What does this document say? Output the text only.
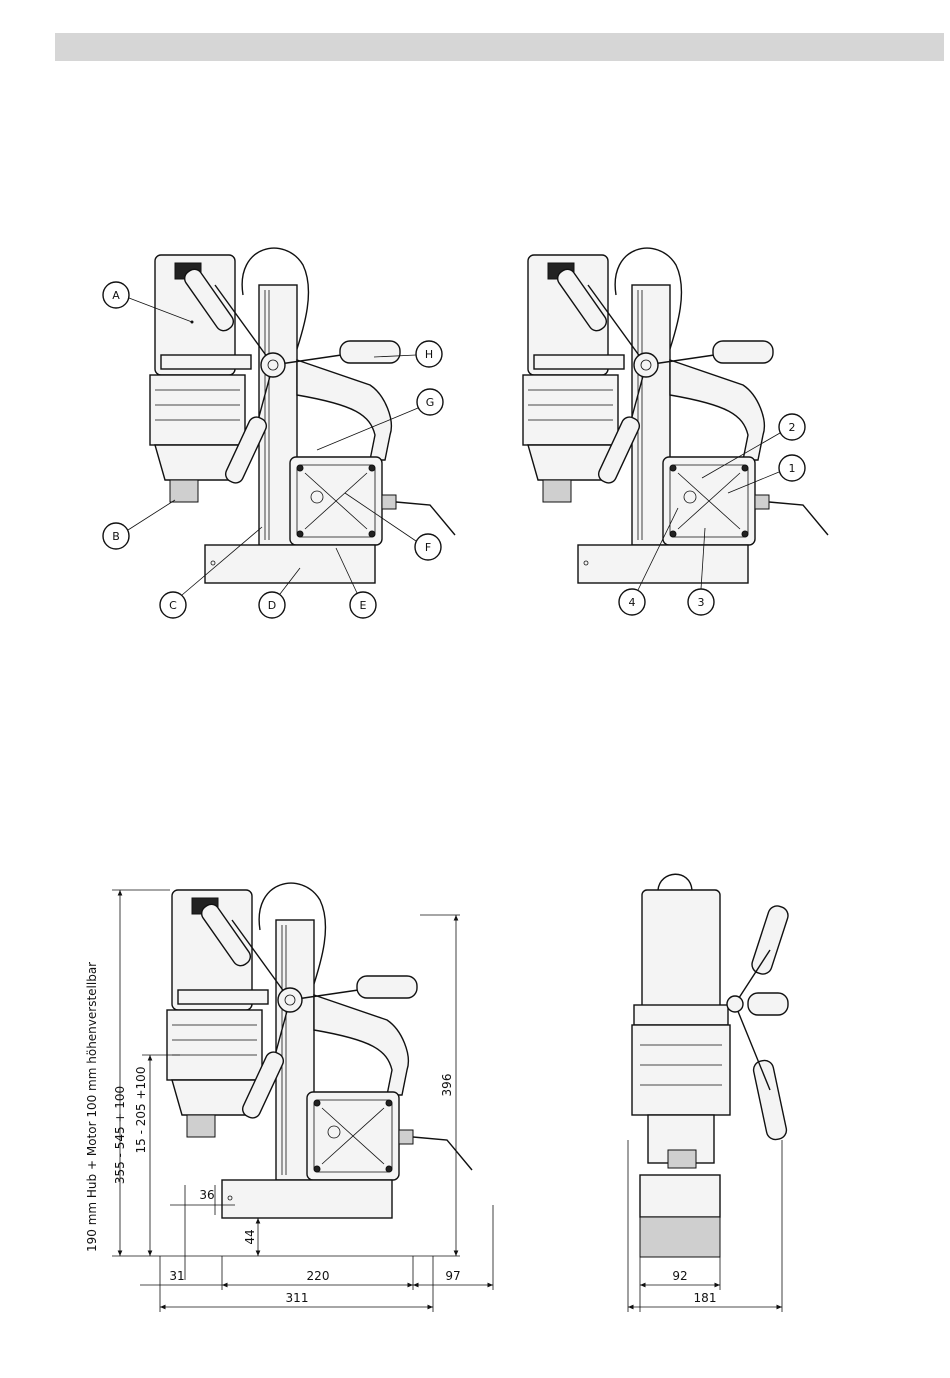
A
B
C	D	E
F
G
H
1
2
3
4
190 mm Hub + Motor 100 mm höhenverstellbar 355 - 545 + 100 15 - 205 +100	396
36
44
31	220	97
311
92
181
